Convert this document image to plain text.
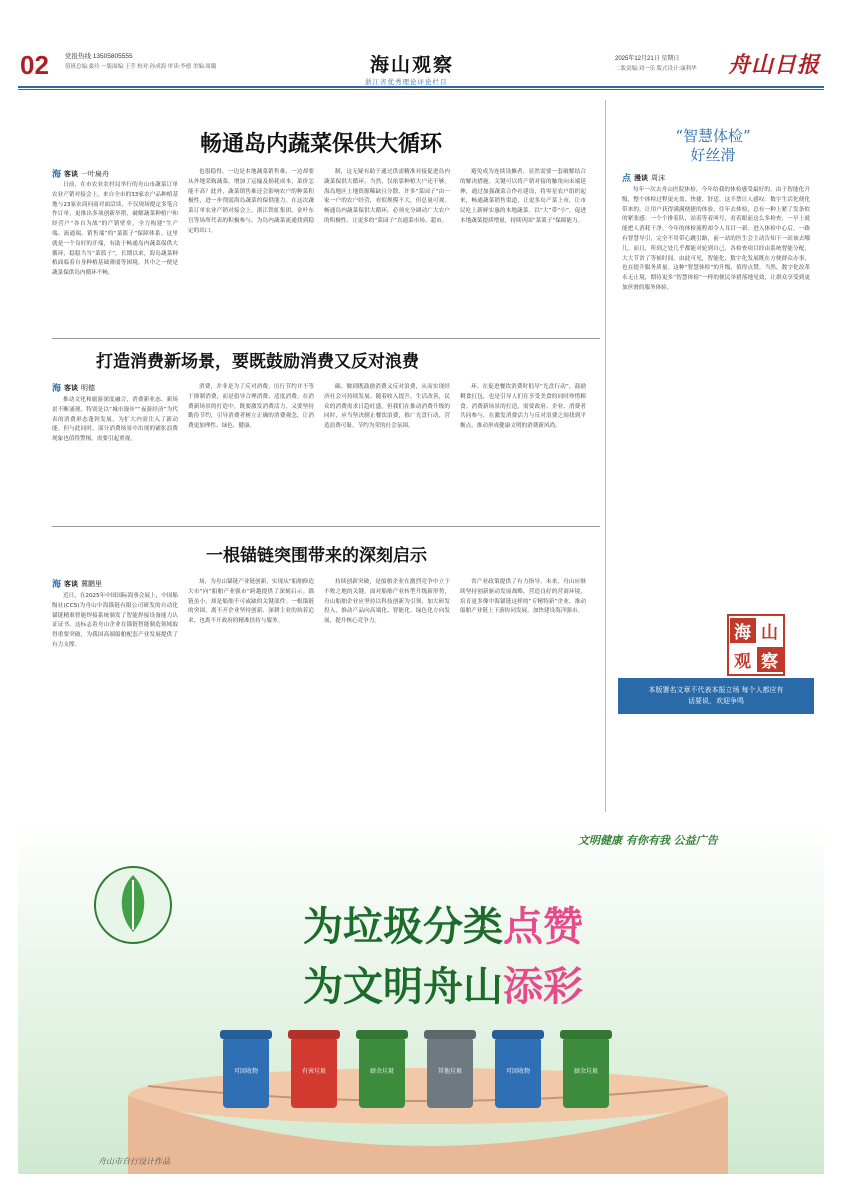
02 党报热线 13505805555
值班总编:桑玲 一版面编:王莹 校对:孙成海 审读:李德 美编:周璐	海山观察
浙江省优秀理论评论栏目
2025年12月21日 星期日
二版责编:刘一乐 版式设计:康利华 舟山日报
畅通岛内蔬菜保供大循环
海 客谈 一叶扁舟
日前，在市农业农村局举行的舟山市蔬菜订单农业产销对接会上，来自全市的33家农户品种植基地与23家农商问商对面洽谈，不仅现场提定多笔合作订单，更推出多项创新举措，破解蔬菜种植户和经营户“各自为战”的产销壁垒，全力构建“生产端、流通端、销售端”的“菜篮子”保障体系。这里就是一个良好的开端，有助于畅通岛内蔬菜保供大循环，稳稳当当“菜篮子”。长期以来，海岛蔬菜种植面临着自身种植基础薄弱等困境，其中之一便是蔬菜保供岛内循环不畅。
也很稳得。一边是本地蔬菜销售难，一边却要从外地采购蔬菜。增加了运输及损耗成本，菜价怎能不高？此外，蔬菜销售难还会影响农户的种菜积极性，进一步削弱海岛蔬菜的保供能力。在这次蔬菜订单农业产销对接会上，浙江铁虹集团、金叶东宫等场所代表的积极参与，为岛内蔬菜流通找到稳定的出口。
制，这无疑有助于通过供需精准对接促进岛内蔬菜保供大循环。当然，仅依靠种植大户还不够。海岛地区土地资源稀缺且分散，许多“菜园子”由一家一户的农户经营，看似规模不大，但总量可观。畅通岛内蔬菜保供大循环，必须充分调动广大农户的积极性，让更多的“菜园子”直通菜市场、超市。
避免成为连续设摊者，显然需要一套破解结合的解决措施。关键可以将产销对接的触角向末端延伸，通过加强蔬菜合作社建设，将零星农户组织起来，畅通蔬菜销售渠道，让更多岛产菜上市，让市民吃上新鲜实惠的本地蔬菜。以“大”带“小”，促进本地蔬菜提质增量，持续巩固“菜篮子”保障能力。
打造消费新场景，要既鼓励消费又反对浪费
海 客谈 明德
推动文化和旅游深度融合，消费新业态、新场景不断涌现，特别是以“城市漫步”“夜游经济”为代表的消费形态蓬勃发展，为扩大内需注入了新动能。但与此同时，部分消费场景中出现的铺张浪费现象也值得警惕，需要引起重视。
消费，并非是为了反对消费。厉行节约并不等于抑制消费，而是倡导合理消费、适度消费。在消费新场景的打造中，既要激发消费活力，又要坚持勤俭节约，引导消费者树立正确的消费观念，让消费更加理性、绿色、健康。
碳、做到既鼓励消费又反对浪费，从而实现经济社会可持续发展。随着收入提升，生活改善，民众的消费需求日趋旺盛。但我们在推动消费升级的同时，应当坚决制止餐饮浪费，推广光盘行动，营造浪费可耻、节约为荣的社会氛围。
环、在促进餐饮消费时倡导“光盘行动”，鼓励剩食打包，也是引导人们在享受美食的同时珍惜粮食。消费新场景的打造，需要政府、企业、消费者共同参与，在激发消费活力与反对浪费之间找到平衡点，推动形成健康文明的消费新风尚。
一根锚链突围带来的深刻启示
海 客谈 冀鹏里
近日，在2025年中国国际海事会展上，中国船级社(CCS)为舟山中海锚链有限公司研发的自动化锚链精准智能焊接系统颁发了智能焊接设备能力认证证书。这标志着舟山企业在锚链智能制造领域取得重要突破，为我国高端船舶配套产业发展提供了有力支撑。
场，为舟山锚链产业链创新，实现从“船舶修造大市”向“船舶产业强市”跨越提供了深刻启示。锚链虽小，却是船舶不可或缺的关键部件。一根锚链的突围，离不开企业坚持创新、深耕主业的执着追求，也离不开政府的精准扶持与服务。
持续创新突破，是船舶企业在激烈竞争中立于不败之地的关键。面对船舶产业转型升级新形势，舟山船舶企业应坚持以科技创新为引领，加大研发投入，推动产品向高端化、智能化、绿色化方向发展，提升核心竞争力。
省产业政策提供了有力指导。未来，舟山应继续坚持创新驱动发展战略，营造良好的营商环境，培育更多像中海锚链这样的“专精特新”企业，推动船舶产业链上下游协同发展，加快建设海洋强市。
“智慧体检”
好丝滑
点 漫谈 周沫
每年一次去舟山医院体检，今年给我的体检感受最好的，由于智能化升级，整个体检过程更充盈、快捷、舒适。这不禁让人感叹：数字生活化便化带来的，让用户获得满满便捷的体验。往年去体检，总有一种上紧了发条似的紧张感：一个个排着队，站着等着叫号，看着眼前这么多检查，一早上就能把人消耗干净。今年的体检流程却令人耳目一新。进入体检中心后，一路有智慧导引，完全不用带心跳引路，前一站的医生会主动告知下一站该去哪儿。而且，所到之处几乎都能对轮到自己，各检查项目经由系统智能分配，大大节省了等候时间。由此可见，智能化、数字化发展既在方便群众办事，也在提升服务质量。这种“智慧体检”的升级，值得点赞。当然，数字化改革永无止境，期待更多“智慧体检”一样的便民举措落地见效，让群众享受到更加丝滑的服务体验。
海 山
观 察
本版署名文章不代表本报立场 每个人都应有话要说，欢迎争鸣
文明健康 有你有我 公益广告
为垃圾分类点赞
为文明舟山添彩
可回收物	有害垃圾	厨余垃圾	其他垃圾	可回收物	厨余垃圾
舟山市自行设计作品
